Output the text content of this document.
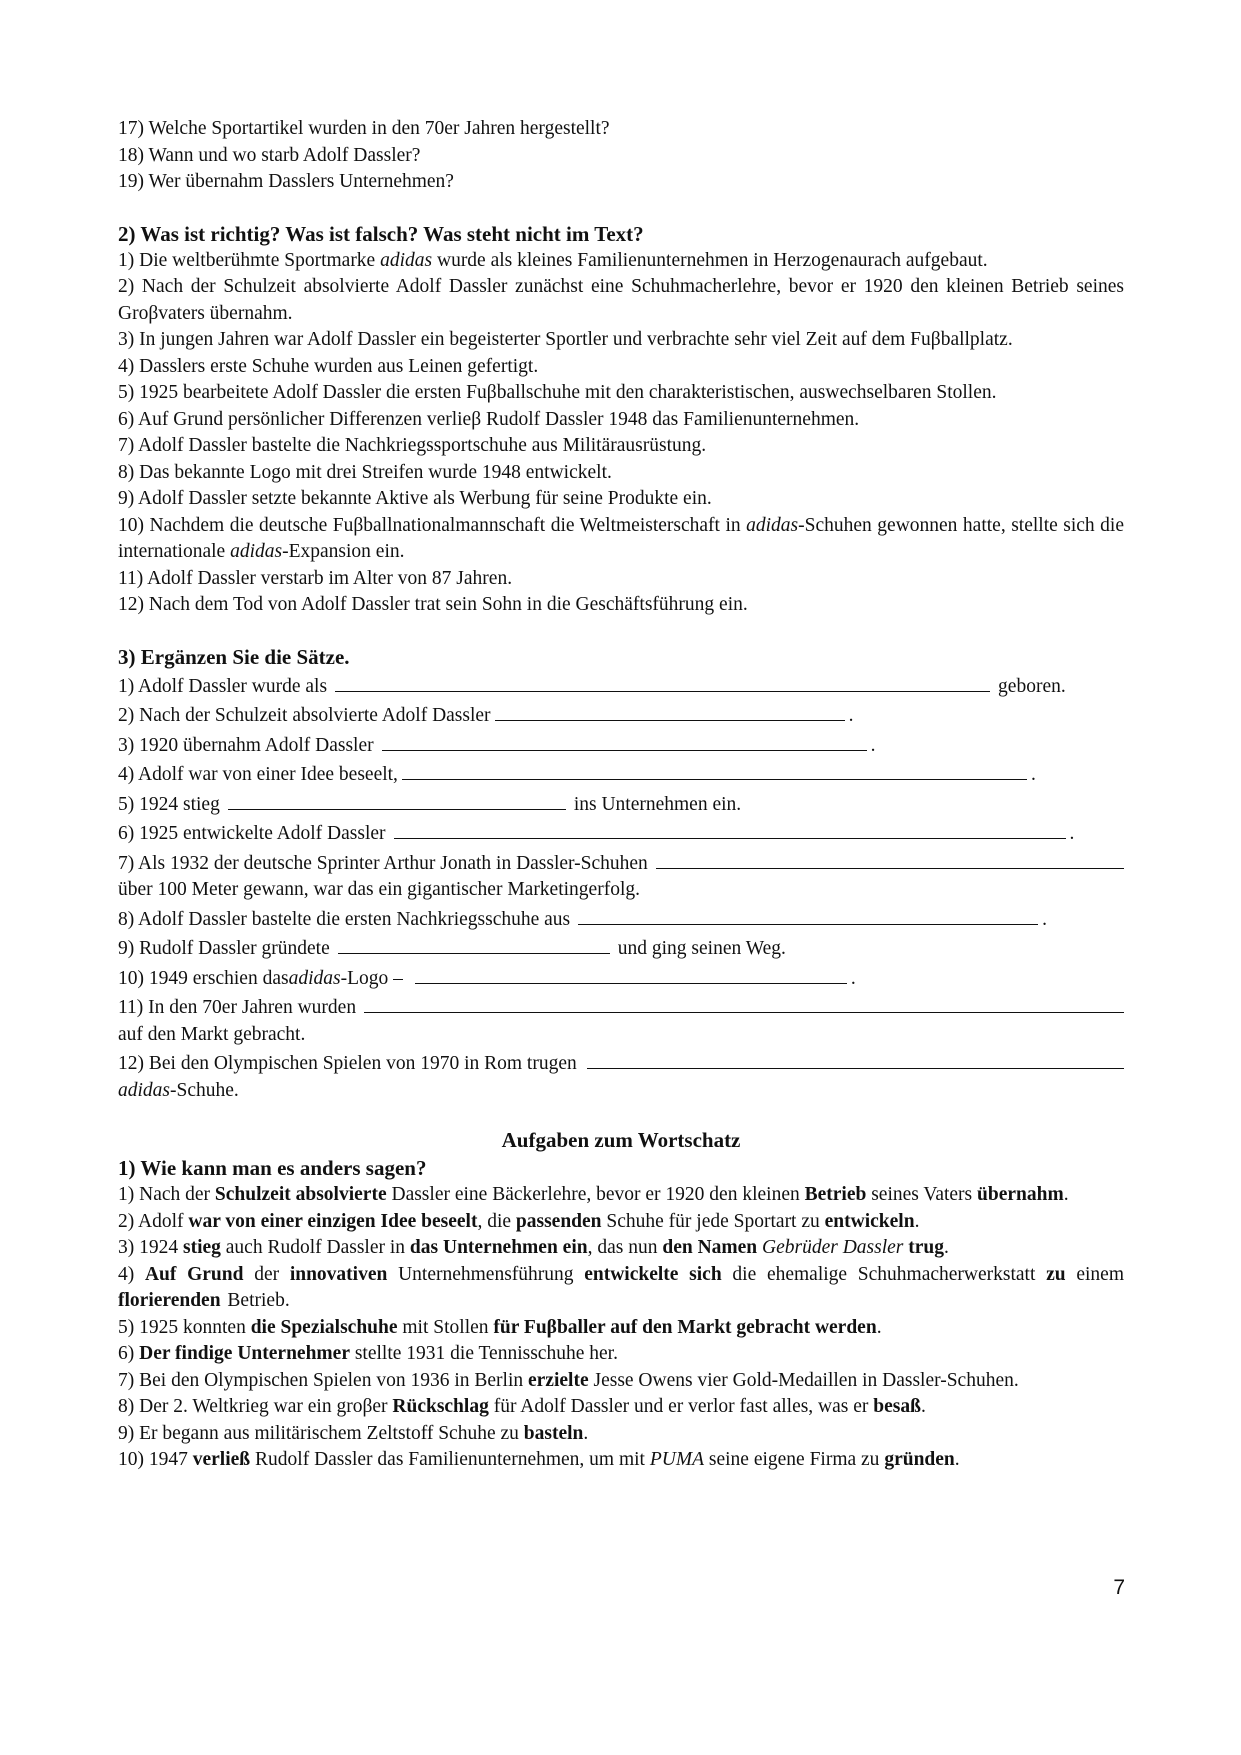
17) Welche Sportartikel wurden in den 70er Jahren hergestellt?

18) Wann und wo starb Adolf Dassler?

19) Wer übernahm Dasslers Unternehmen?

2) Was ist richtig? Was ist falsch? Was steht nicht im Text?

1) Die weltberühmte Sportmarke adidas wurde als kleines Familienunternehmen in Herzogenaurach aufgebaut.

2) Nach der Schulzeit absolvierte Adolf Dassler zunächst eine Schuhmacherlehre, bevor er 1920 den kleinen Betrieb seines Groβvaters übernahm.

3) In jungen Jahren war Adolf Dassler ein begeisterter Sportler und verbrachte sehr viel Zeit auf dem Fuβballplatz.

4) Dasslers erste Schuhe wurden aus Leinen gefertigt.

5) 1925 bearbeitete Adolf Dassler die ersten Fuβballschuhe mit den charakteristischen, auswechselbaren Stollen.

6) Auf Grund persönlicher Differenzen verlieβ Rudolf Dassler 1948 das Familienunternehmen.

7) Adolf Dassler bastelte die Nachkriegssportschuhe aus Militärausrüstung.

8) Das bekannte Logo mit drei Streifen wurde 1948 entwickelt.

9) Adolf Dassler setzte bekannte Aktive als Werbung für seine Produkte ein.

10) Nachdem die deutsche Fuβballnationalmannschaft die Weltmeisterschaft in adidas-Schuhen gewonnen hatte, stellte sich die internationale adidas-Expansion ein.

11) Adolf Dassler verstarb im Alter von 87 Jahren.

12) Nach dem Tod von Adolf Dassler trat sein Sohn in die Geschäftsführung ein.

3) Ergänzen Sie die Sätze.

1) Adolf Dassler wurde als	geboren.
2) Nach der Schulzeit absolvierte Adolf Dassler	.
3) 1920 übernahm Adolf Dassler	.
4) Adolf war von einer Idee beseelt,	.
5) 1924 stieg	ins Unternehmen ein.
6) 1925 entwickelte Adolf Dassler	.
7) Als 1932 der deutsche Sprinter Arthur Jonath in Dassler-Schuhen

über 100 Meter gewann, war das ein gigantischer Marketingerfolg.

8) Adolf Dassler bastelte die ersten Nachkriegsschuhe aus	.
9) Rudolf Dassler gründete	und ging seinen Weg.
10) 1949 erschien das adidas -Logo –	.
11) In den 70er Jahren wurden

auf den Markt gebracht.

12) Bei den Olympischen Spielen von 1970 in Rom trugen

adidas-Schuhe.

Aufgaben zum Wortschatz

1) Wie kann man es anders sagen?

1) Nach der Schulzeit absolvierte Dassler eine Bäckerlehre, bevor er 1920 den kleinen Betrieb seines Vaters übernahm.

2) Adolf war von einer einzigen Idee beseelt, die passenden Schuhe für jede Sportart zu entwickeln.

3) 1924 stieg auch Rudolf Dassler in das Unternehmen ein, das nun den Namen Gebrüder Dassler trug.

4) Auf Grund der innovativen Unternehmensführung entwickelte sich die ehemalige Schuhmacherwerkstatt zu einem florierenden Betrieb.

5) 1925 konnten die Spezialschuhe mit Stollen für Fuβballer auf den Markt gebracht werden.

6) Der findige Unternehmer stellte 1931 die Tennisschuhe her.

7) Bei den Olympischen Spielen von 1936 in Berlin erzielte Jesse Owens vier Gold-Medaillen in Dassler-Schuhen.

8) Der 2. Weltkrieg war ein groβer Rückschlag für Adolf Dassler und er verlor fast alles, was er besaß.

9) Er begann aus militärischem Zeltstoff Schuhe zu basteln.

10) 1947 verließ Rudolf Dassler das Familienunternehmen, um mit PUMA seine eigene Firma zu gründen.

7
